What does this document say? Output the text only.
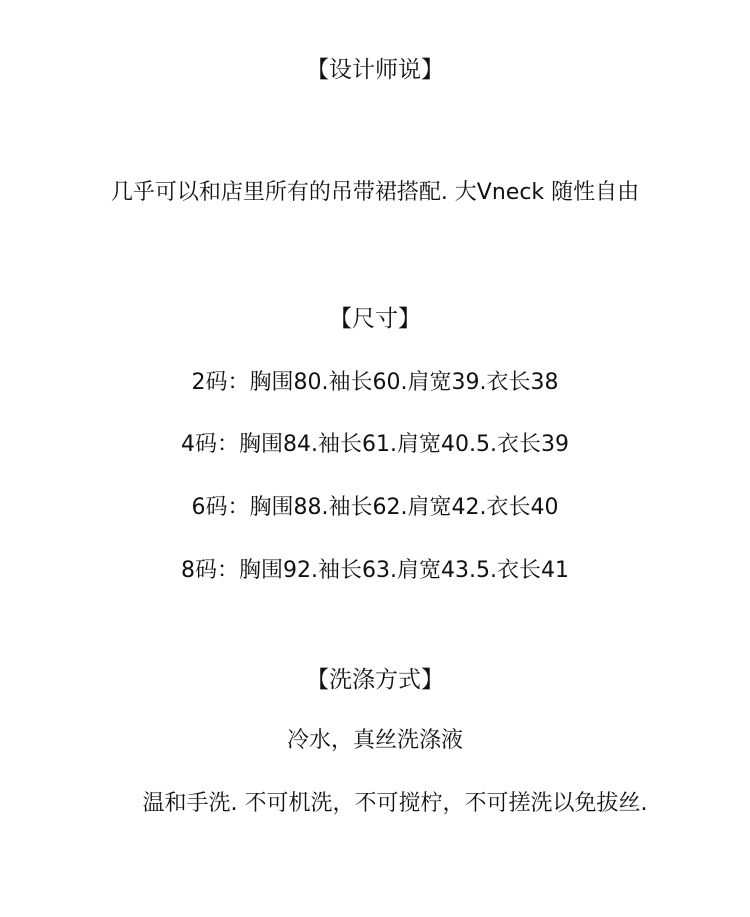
【设计师说】
几乎可以和店里所有的吊带裙搭配. 大Vneck 随性自由
【尺寸】
2码：胸围80.袖长60.肩宽39.衣长38
4码：胸围84.袖长61.肩宽40.5.衣长39
6码：胸围88.袖长62.肩宽42.衣长40
8码：胸围92.袖长63.肩宽43.5.衣长41
【洗涤方式】
冷水，真丝洗涤液
温和手洗. 不可机洗，不可搅柠，不可搓洗以免拔丝.
